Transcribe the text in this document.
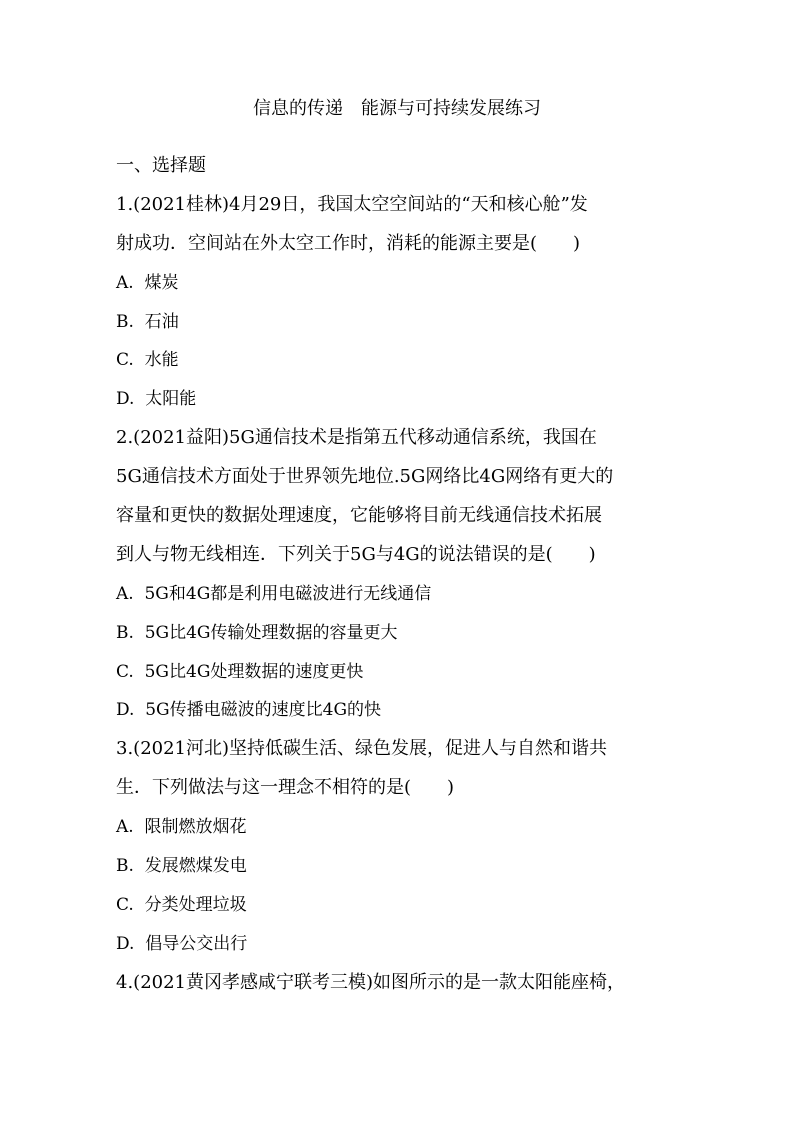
信息的传递　能源与可持续发展练习
一、选择题
1.(2021桂林)4月29日，我国太空空间站的“天和核心舱”发
射成功．空间站在外太空工作时，消耗的能源主要是(　　)
A.  煤炭
B.  石油
C.  水能
D.  太阳能
2.(2021益阳)5G通信技术是指第五代移动通信系统，我国在
5G通信技术方面处于世界领先地位.5G网络比4G网络有更大的
容量和更快的数据处理速度，它能够将目前无线通信技术拓展
到人与物无线相连．下列关于5G与4G的说法错误的是(　　)
A.  5G和4G都是利用电磁波进行无线通信
B.  5G比4G传输处理数据的容量更大
C.  5G比4G处理数据的速度更快
D.  5G传播电磁波的速度比4G的快
3.(2021河北)坚持低碳生活、绿色发展，促进人与自然和谐共
生．下列做法与这一理念不相符的是(　　)
A.  限制燃放烟花
B.  发展燃煤发电
C.  分类处理垃圾
D.  倡导公交出行
4.(2021黄冈孝感咸宁联考三模)如图所示的是一款太阳能座椅，
